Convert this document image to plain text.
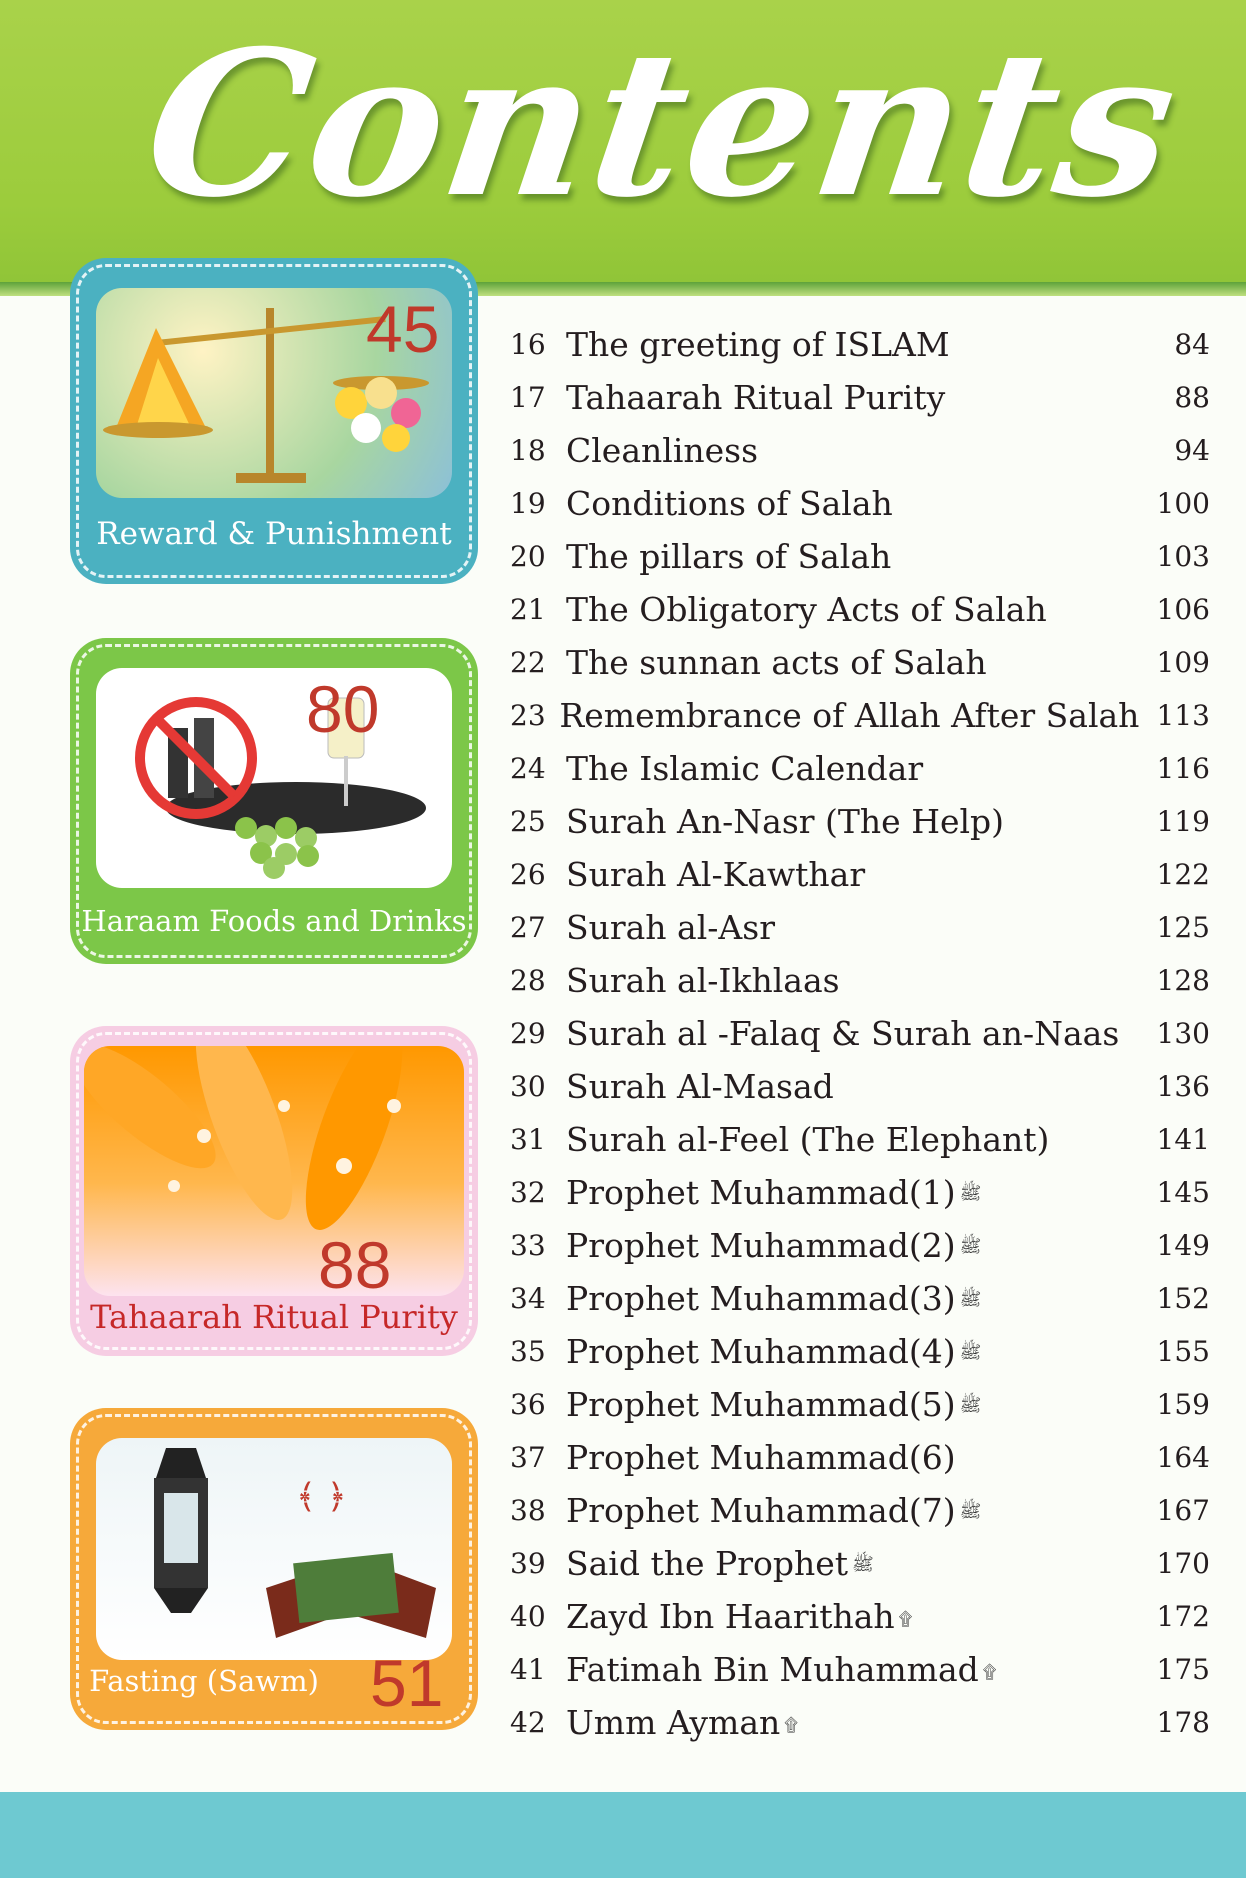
Contents
45
Reward & Punishment
80
Haraam Foods and Drinks
88
Tahaarah Ritual Purity
﴾ ﴿
Fasting (Sawm) 51
16 The greeting of ISLAM	84
17 Tahaarah Ritual Purity	88
18 Cleanliness	94
19 Conditions of Salah	100
20 The pillars of Salah	103
21 The Obligatory Acts of Salah	106
22 The sunnan acts of Salah	109
23 Remembrance of Allah After Salah 113
24 The Islamic Calendar	116
25 Surah An-Nasr (The Help)	119
26 Surah Al-Kawthar	122
27 Surah al-Asr	125
28 Surah al-Ikhlaas	128
29 Surah al -Falaq & Surah an-Naas	130
30 Surah Al-Masad	136
31 Surah al-Feel (The Elephant)	141
32 Prophet Muhammad	ﷺ(1)	145
33 Prophet Muhammad	ﷺ(2)	149
34 Prophet Muhammad	ﷺ(3)	152
35 Prophet Muhammad	ﷺ(4)	155
36 Prophet Muhammad	ﷺ(5)	159
37 Prophet Muhammad(6)	164
38 Prophet Muhammad	ﷺ(7)	167
39 Said the Prophet ﷺ	170
40 Zayd Ibn Haarithah ۩	172
41 Fatimah Bin Muhammad ۩	175
42 Umm Ayman ۩	178
